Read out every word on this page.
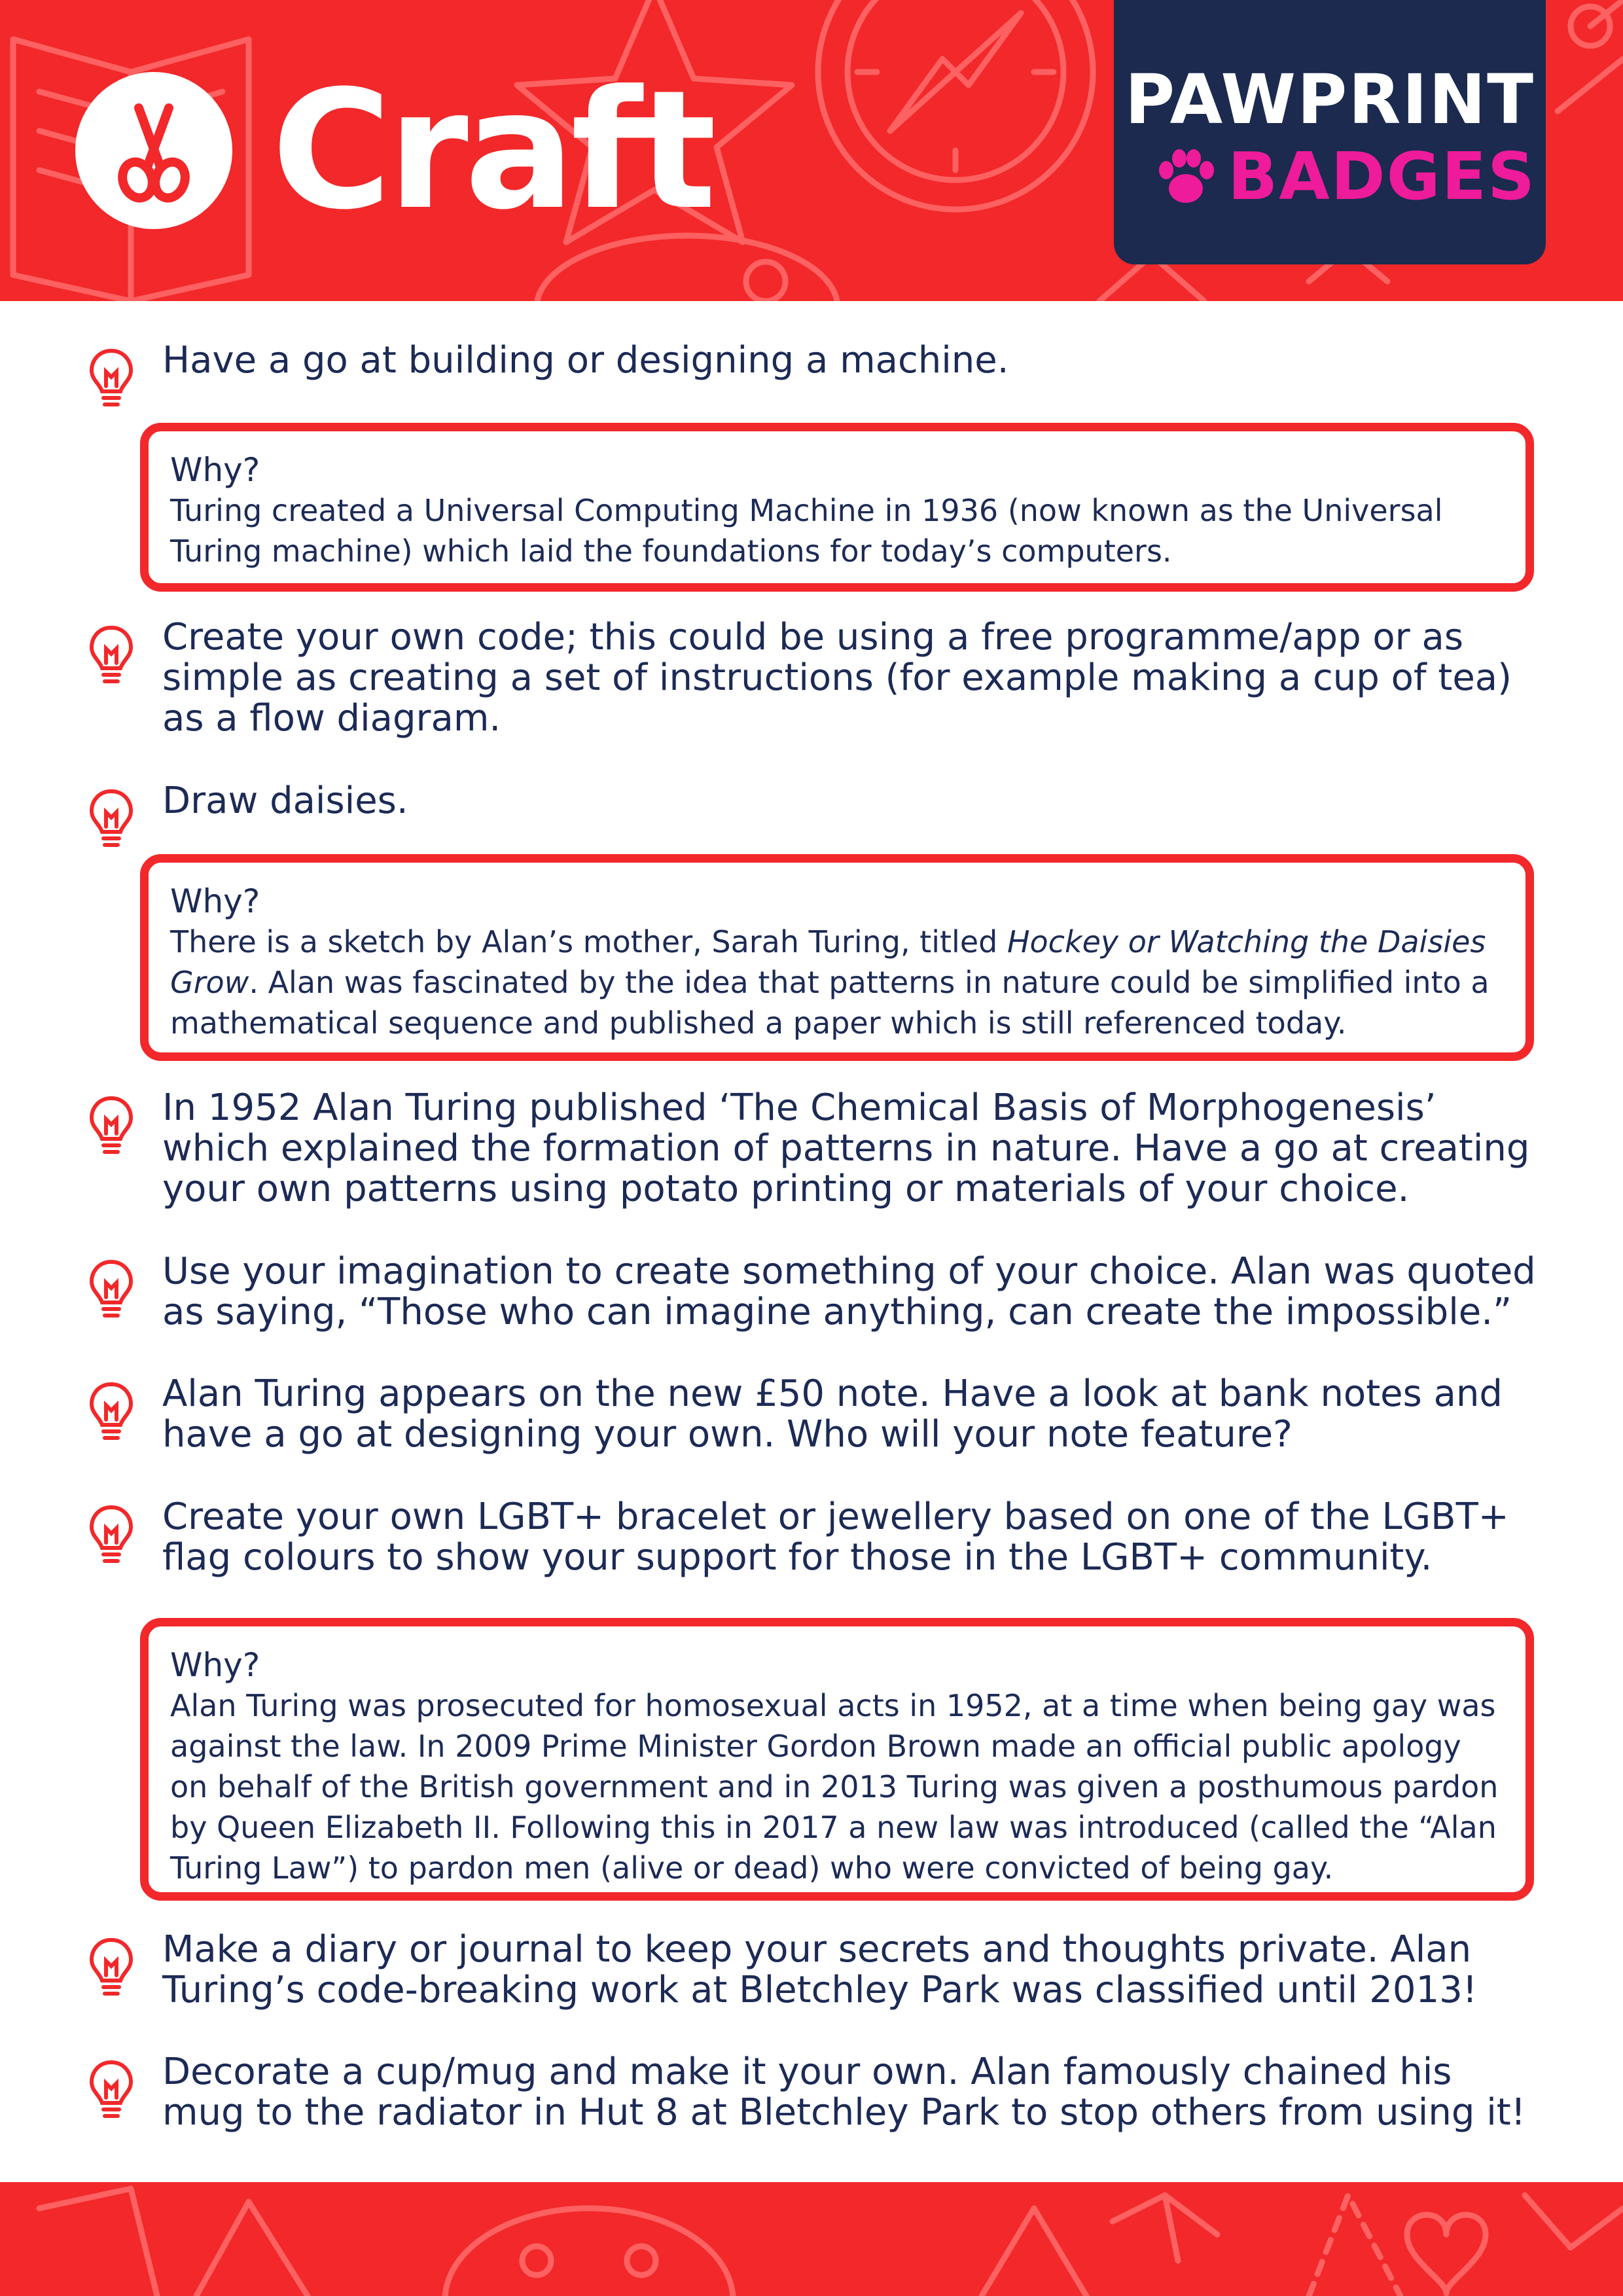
Craft	PAWPRINT
BADGES
Have a go at building or designing a machine.
Why?
Turing created a Universal Computing Machine in 1936 (now known as the Universal Turing machine) which laid the foundations for today’s computers.
Create your own code; this could be using a free programme/app or as simple as creating a set of instructions (for example making a cup of tea) as a flow diagram.
Draw daisies.
Why?
There is a sketch by Alan’s mother, Sarah Turing, titled Hockey or Watching the Daisies Grow. Alan was fascinated by the idea that patterns in nature could be simplified into a mathematical sequence and published a paper which is still referenced today.
In 1952 Alan Turing published ‘The Chemical Basis of Morphogenesis’ which explained the formation of patterns in nature. Have a go at creating your own patterns using potato printing or materials of your choice.
Use your imagination to create something of your choice. Alan was quoted as saying, “Those who can imagine anything, can create the impossible.”
Alan Turing appears on the new £50 note. Have a look at bank notes and have a go at designing your own. Who will your note feature?
Create your own LGBT+ bracelet or jewellery based on one of the LGBT+ flag colours to show your support for those in the LGBT+ community.
Why?
Alan Turing was prosecuted for homosexual acts in 1952, at a time when being gay was against the law. In 2009 Prime Minister Gordon Brown made an official public apology on behalf of the British government and in 2013 Turing was given a posthumous pardon by Queen Elizabeth II. Following this in 2017 a new law was introduced (called the “Alan Turing Law”) to pardon men (alive or dead) who were convicted of being gay.
Make a diary or journal to keep your secrets and thoughts private. Alan Turing’s code-breaking work at Bletchley Park was classified until 2013!
Decorate a cup/mug and make it your own. Alan famously chained his mug to the radiator in Hut 8 at Bletchley Park to stop others from using it!
